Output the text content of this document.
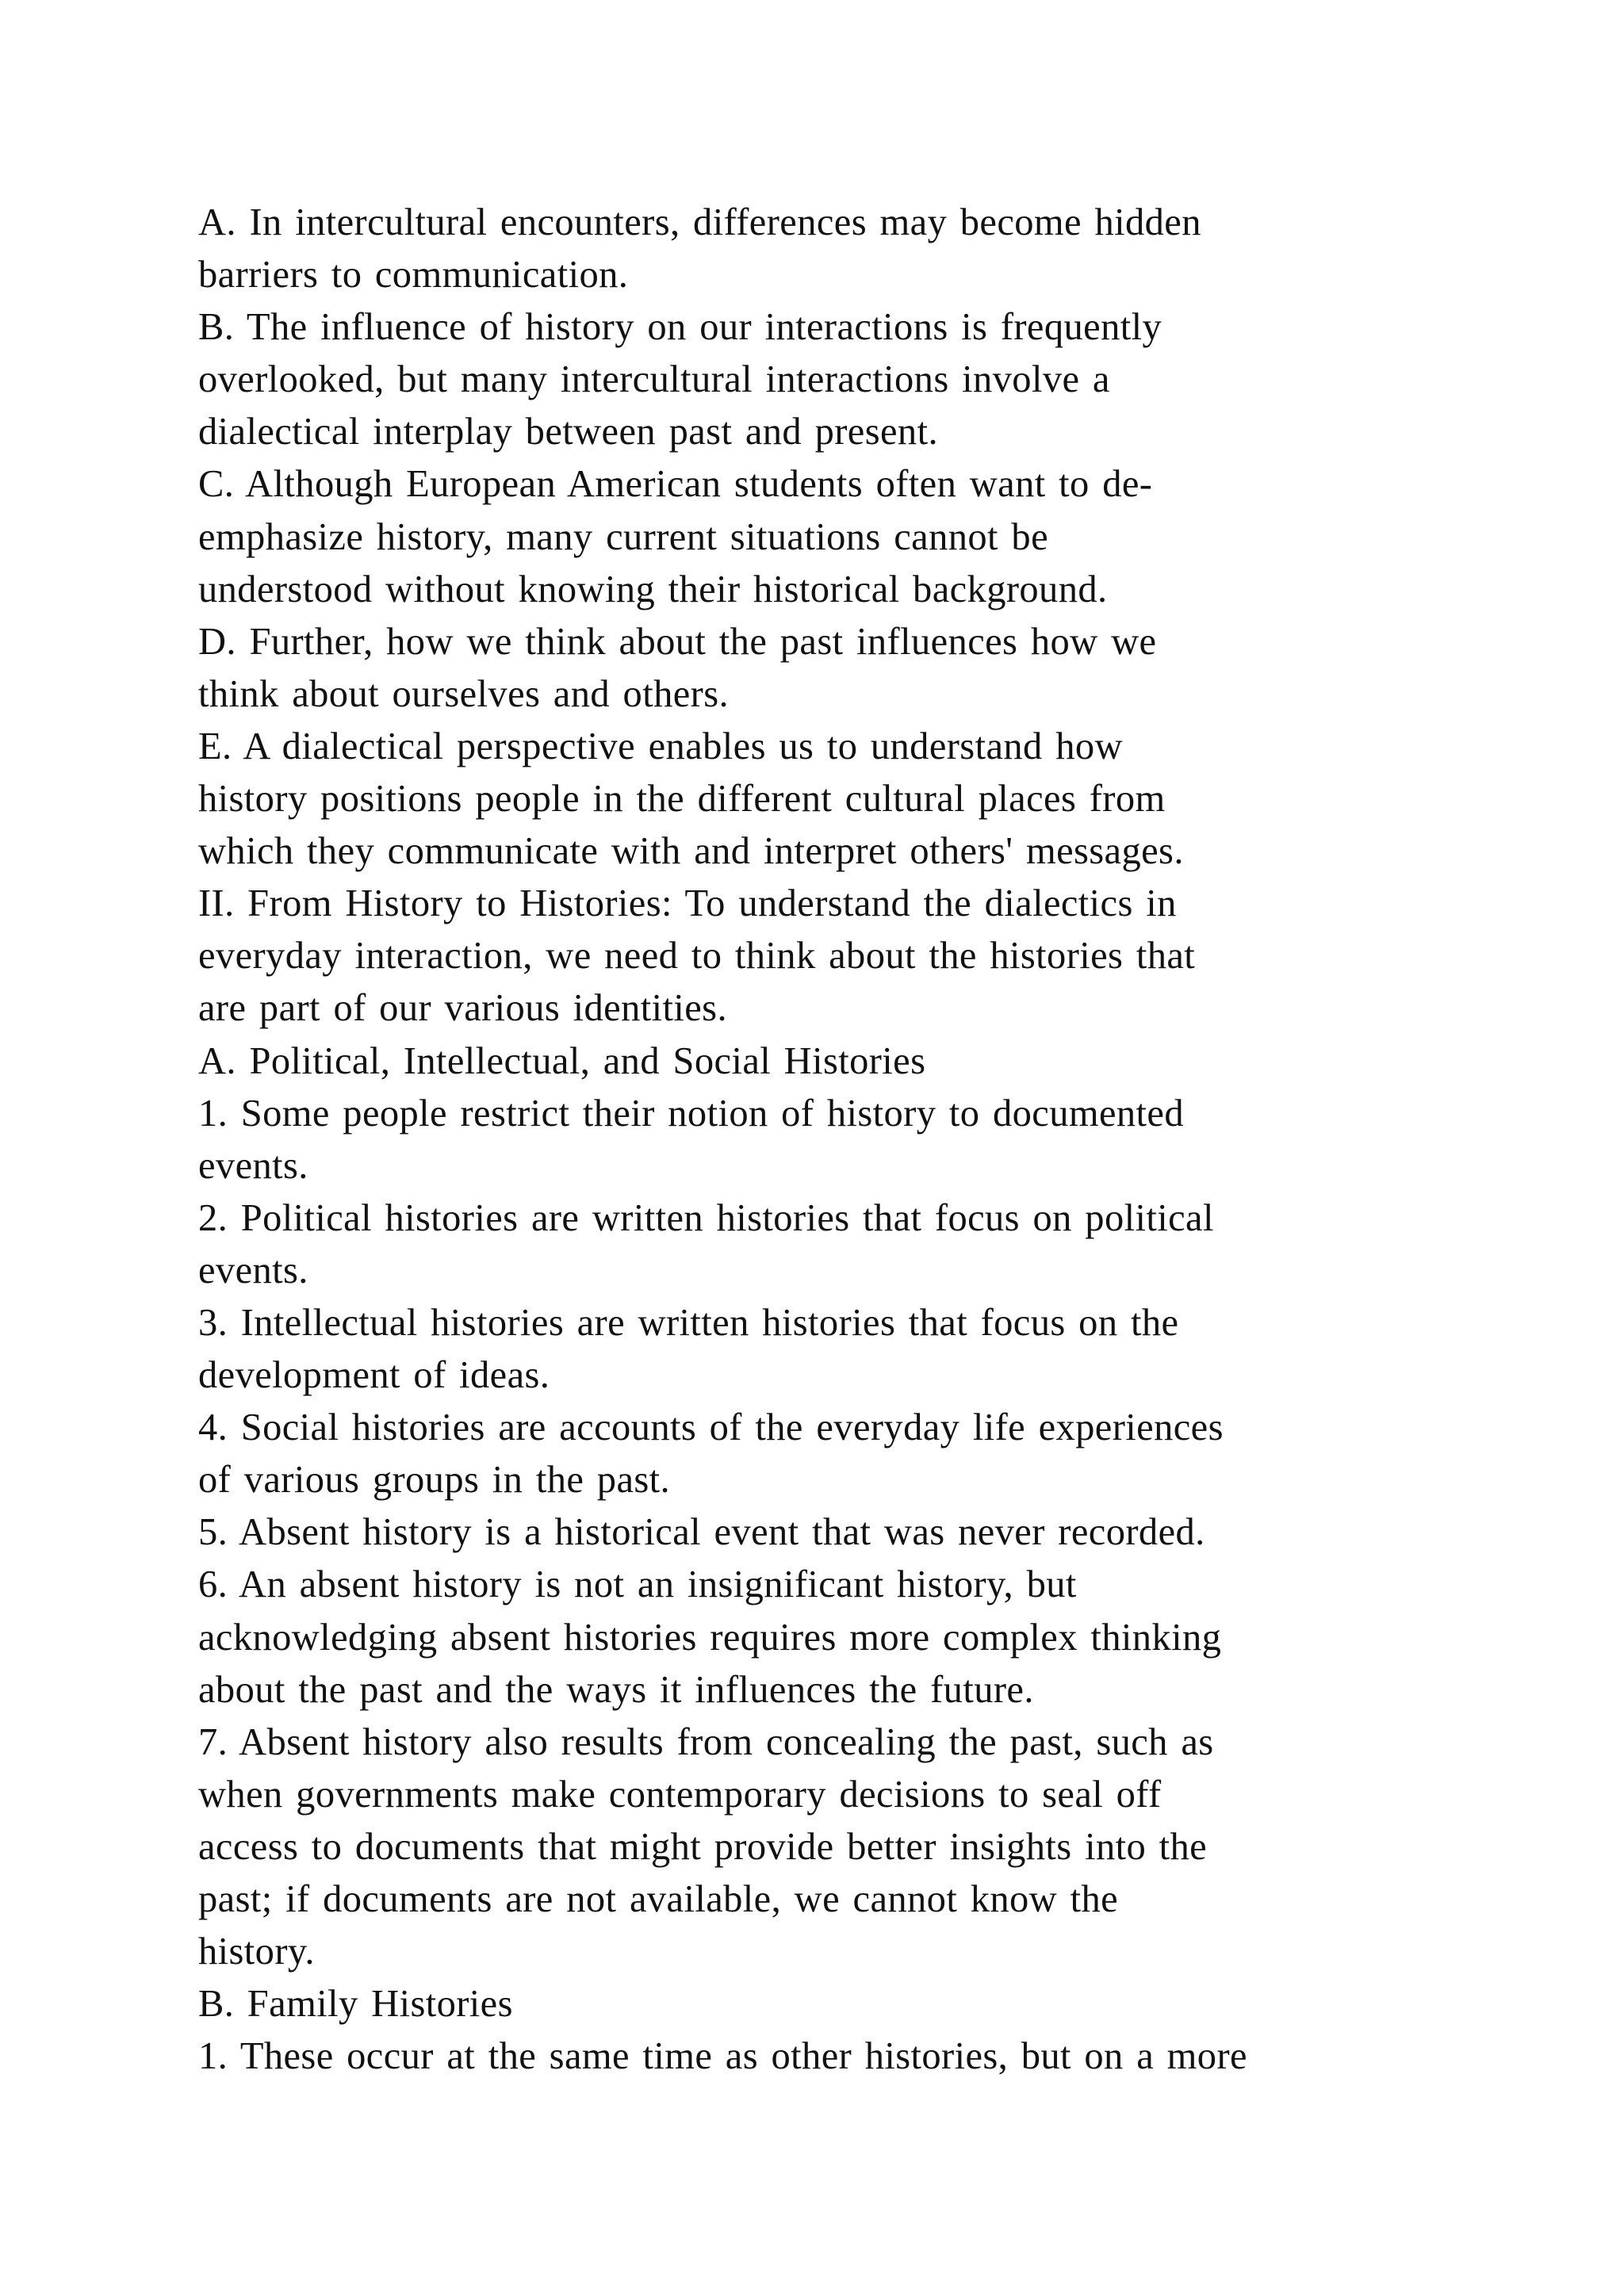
A. In intercultural encounters, differences may become hidden
barriers to communication.
B. The influence of history on our interactions is frequently
overlooked, but many intercultural interactions involve a
dialectical interplay between past and present.
C. Although European American students often want to de-
emphasize history, many current situations cannot be
understood without knowing their historical background.
D. Further, how we think about the past influences how we
think about ourselves and others.
E. A dialectical perspective enables us to understand how
history positions people in the different cultural places from
which they communicate with and interpret others' messages.
II. From History to Histories: To understand the dialectics in
everyday interaction, we need to think about the histories that
are part of our various identities.
A. Political, Intellectual, and Social Histories
1. Some people restrict their notion of history to documented
events.
2. Political histories are written histories that focus on political
events.
3. Intellectual histories are written histories that focus on the
development of ideas.
4. Social histories are accounts of the everyday life experiences
of various groups in the past.
5. Absent history is a historical event that was never recorded.
6. An absent history is not an insignificant history, but
acknowledging absent histories requires more complex thinking
about the past and the ways it influences the future.
7. Absent history also results from concealing the past, such as
when governments make contemporary decisions to seal off
access to documents that might provide better insights into the
past; if documents are not available, we cannot know the
history.
B. Family Histories
1. These occur at the same time as other histories, but on a more
